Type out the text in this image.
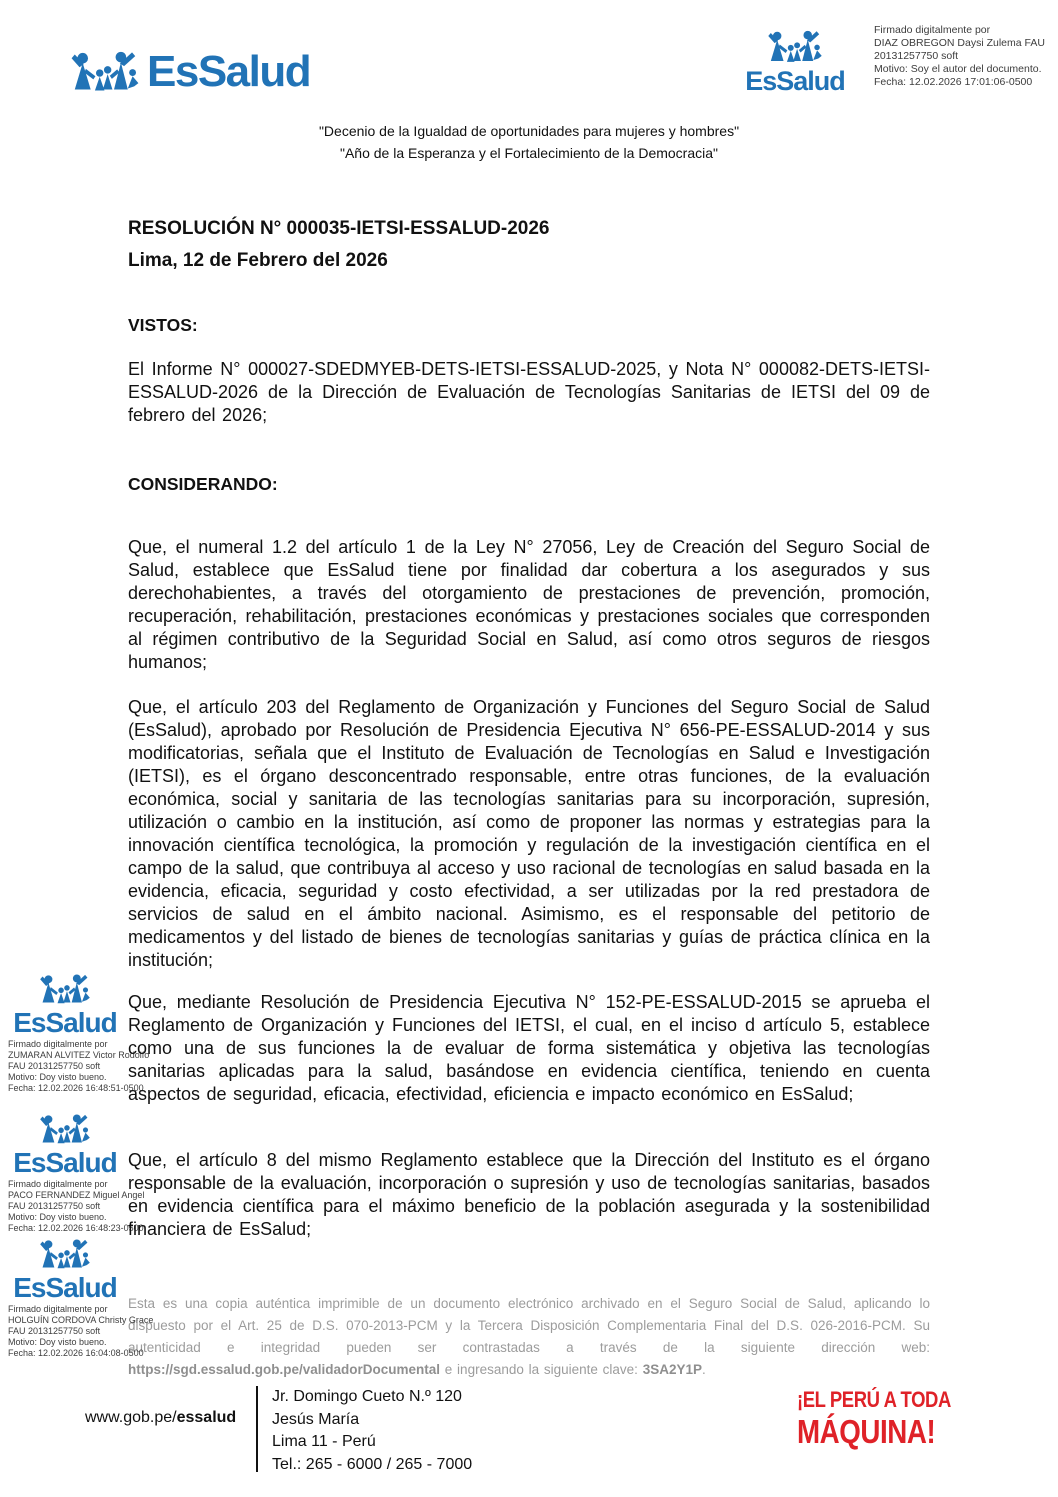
EsSalud	EsSalud
Firmado digitalmente por
DIAZ OBREGON Daysi Zulema FAU
20131257750 soft
Motivo: Soy el autor del documento.
Fecha: 12.02.2026 17:01:06-0500
"Decenio de la Igualdad de oportunidades para mujeres y hombres"
"Año de la Esperanza y el Fortalecimiento de la Democracia"
RESOLUCIÓN N° 000035-IETSI-ESSALUD-2026
Lima, 12 de Febrero del 2026
VISTOS:
El Informe N° 000027-SDEDMYEB-DETS-IETSI-ESSALUD-2025, y Nota N° 000082-DETS-IETSI-ESSALUD-2026 de la Dirección de Evaluación de Tecnologías Sanitarias de IETSI del 09 de febrero del 2026;
CONSIDERANDO:
Que, el numeral 1.2 del artículo 1 de la Ley N° 27056, Ley de Creación del Seguro Social de Salud, establece que EsSalud tiene por finalidad dar cobertura a los asegurados y sus derechohabientes, a través del otorgamiento de prestaciones de prevención, promoción, recuperación, rehabilitación, prestaciones económicas y prestaciones sociales que corresponden al régimen contributivo de la Seguridad Social en Salud, así como otros seguros de riesgos humanos;
Que, el artículo 203 del Reglamento de Organización y Funciones del Seguro Social de Salud (EsSalud), aprobado por Resolución de Presidencia Ejecutiva N° 656-PE-ESSALUD-2014 y sus modificatorias, señala que el Instituto de Evaluación de Tecnologías en Salud e Investigación (IETSI), es el órgano desconcentrado responsable, entre otras funciones, de la evaluación económica, social y sanitaria de las tecnologías sanitarias para su incorporación, supresión, utilización o cambio en la institución, así como de proponer las normas y estrategias para la innovación científica tecnológica, la promoción y regulación de la investigación científica en el campo de la salud, que contribuya al acceso y uso racional de tecnologías en salud basada en la evidencia, eficacia, seguridad y costo efectividad, a ser utilizadas por la red prestadora de servicios de salud en el ámbito nacional. Asimismo, es el responsable del petitorio de medicamentos y del listado de bienes de tecnologías sanitarias y guías de práctica clínica en la institución;
Que, mediante Resolución de Presidencia Ejecutiva N° 152-PE-ESSALUD-2015 se aprueba el Reglamento de Organización y Funciones del IETSI, el cual, en el inciso d artículo 5, establece como una de sus funciones la de evaluar de forma sistemática y objetiva las tecnologías sanitarias aplicadas para la salud, basándose en evidencia científica, teniendo en cuenta aspectos de seguridad, eficacia, efectividad, eficiencia e impacto económico en EsSalud;
Que, el artículo 8 del mismo Reglamento establece que la Dirección del Instituto es el órgano responsable de la evaluación, incorporación o supresión y uso de tecnologías sanitarias, basados en evidencia científica para el máximo beneficio de la población asegurada y la sostenibilidad financiera de EsSalud;
EsSalud
Firmado digitalmente por
ZUMARAN ALVITEZ Victor Rodolfo
FAU 20131257750 soft
Motivo: Doy visto bueno.
Fecha: 12.02.2026 16:48:51-0500
EsSalud
Firmado digitalmente por
PACO FERNANDEZ Miguel Angel
FAU 20131257750 soft
Motivo: Doy visto bueno.
Fecha: 12.02.2026 16:48:23-0500
EsSalud
Firmado digitalmente por
HOLGUÍN CORDOVA Christy Grace
FAU 20131257750 soft
Motivo: Doy visto bueno.
Fecha: 12.02.2026 16:04:08-0500
Esta es una copia auténtica imprimible de un documento electrónico archivado en el Seguro Social de Salud, aplicando lo dispuesto por el Art. 25 de D.S. 070-2013-PCM y la Tercera Disposición Complementaria Final del D.S. 026-2016-PCM. Su autenticidad e integridad pueden ser contrastadas a través de la siguiente dirección web: https://sgd.essalud.gob.pe/validadorDocumental e ingresando la siguiente clave: 3SA2Y1P.
www.gob.pe/essalud
Jr. Domingo Cueto N.º 120
Jesús María
Lima 11 - Perú
Tel.: 265 - 6000 / 265 - 7000
¡EL PERÚ A TODA
MÁQUINA!
